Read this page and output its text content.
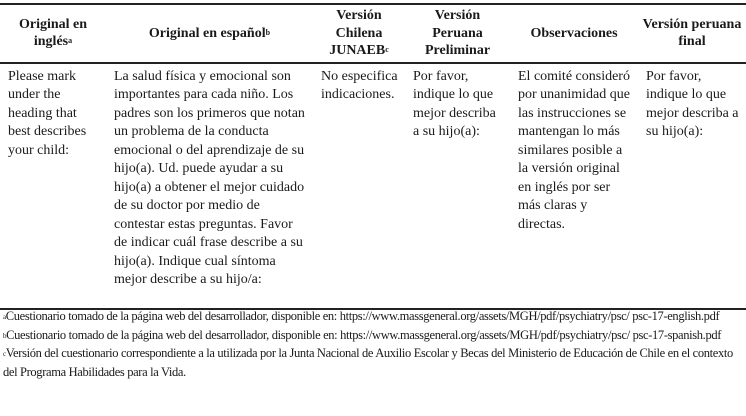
Original en inglés$^a$	Original en español$^b$	Versión Chilena JUNAEB$^c$	Versión Peruana Preliminar	Observaciones	Versión peruana final
Please mark under the heading that best describes your child:	La salud física y emocional son importantes para cada niño. Los padres son los primeros que notan un problema de la conducta emocional o del aprendizaje de su hijo(a). Ud. puede ayudar a su hijo(a) a obtener el mejor cuidado de su doctor por medio de contestar estas preguntas. Favor de indicar cuál frase describe a su hijo(a). Indique cual síntoma mejor describe a su hijo/a:	No especifica indicaciones.	Por favor, indique lo que mejor describa a su hijo(a):	El comité consideró por unanimidad que las instrucciones se mantengan lo más similares posible a la versión original en inglés por ser más claras y directas.	Por favor, indique lo que mejor describa a su hijo(a):
$^a$Cuestionario tomado de la página web del desarrollador, disponible en: https://www.massgeneral.org/assets/MGH/pdf/psychiatry/psc/ psc-17-english.pdf
$^b$Cuestionario tomado de la página web del desarrollador, disponible en: https://www.massgeneral.org/assets/MGH/pdf/psychiatry/psc/ psc-17-spanish.pdf
$^c$Versión del cuestionario correspondiente a la utilizada por la Junta Nacional de Auxilio Escolar y Becas del Ministerio de Educación de Chile en el contexto del Programa Habilidades para la Vida.
